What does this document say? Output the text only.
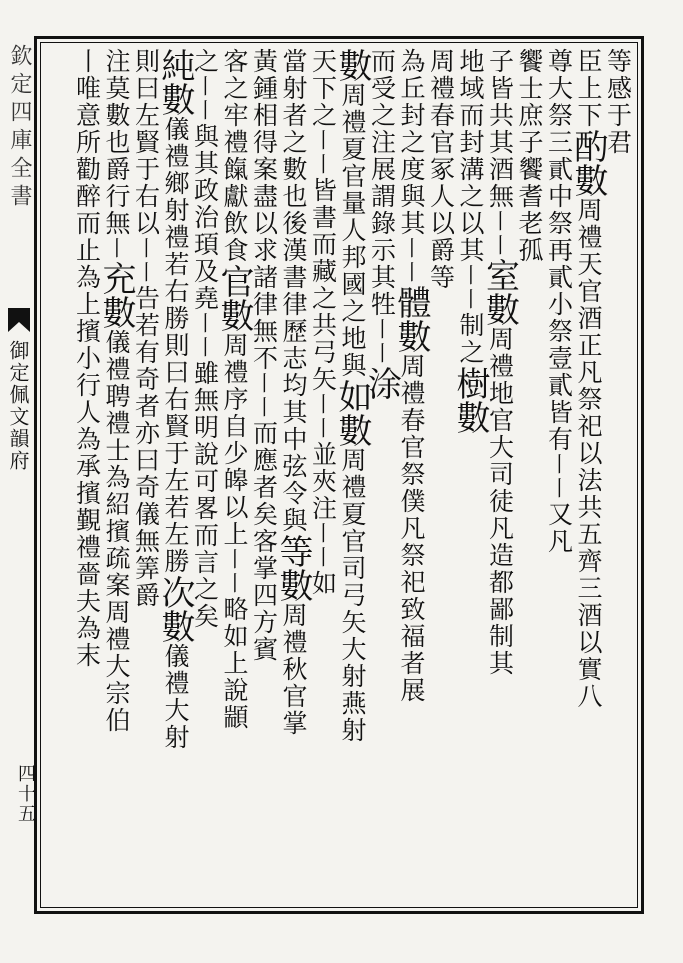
欽定四庫全書
御定佩文韻府
四十五
等感于君
臣上下酌數周禮天官酒正凡祭祀以法共五齊三酒以實八
尊大祭三貳中祭再貳小祭壹貳皆有丨丨又凡
饗士庶子饗耆老孤
子皆共其酒無丨丨室數周禮地官大司徒凡造都鄙制其
地域而封溝之以其丨丨制之樹數
周禮春官冢人以爵等
為丘封之度與其丨丨體數周禮春官祭僕凡祭祀致福者展
而受之注展謂錄示其牲丨丨涂
數周禮夏官量人邦國之地與如數周禮夏官司弓矢大射燕射
天下之丨丨皆書而藏之共弓矢丨丨並夾注丨丨如
當射者之數也後漢書律歷志均其中弦令與等數周禮秋官掌
黃鍾相得案盡以求諸律無不丨丨而應者矣客掌四方賓
客之牢禮餼獻飲食官數周禮序自少皞以上丨丨略如上說顓
之丨丨與其政治頊及堯丨丨雖無明說可畧而言之矣
純數儀禮鄉射禮若右勝則曰右賢于左若左勝次數儀禮大射
則曰左賢于右以丨丨告若有奇者亦曰奇儀無筭爵
注莫數也爵行無丨充數儀禮聘禮士為紹擯疏案周禮大宗伯
丨唯意所勸醉而止為上擯小行人為承擯覲禮嗇夫為末
